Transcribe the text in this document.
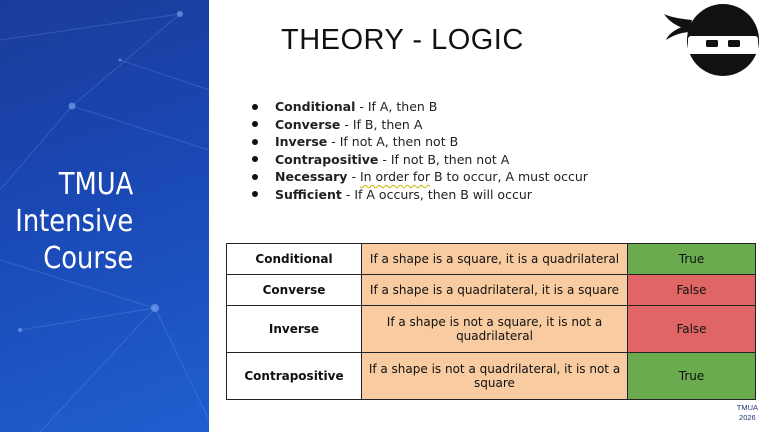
TMUA
Intensive
Course
THEORY - LOGIC
Conditional - If A, then B
Converse - If B, then A
Inverse - If not A, then not B
Contrapositive - If not B, then not A
Necessary - In order for B to occur, A must occur
Sufficient - If A occurs, then B will occur
Conditional	If a shape is a square, it is a quadrilateral	True
Converse	If a shape is a quadrilateral, it is a square	False
Inverse	If a shape is not a square, it is not a quadrilateral	False
Contrapositive	If a shape is not a quadrilateral, it is not a square	True
TMUA
2026
